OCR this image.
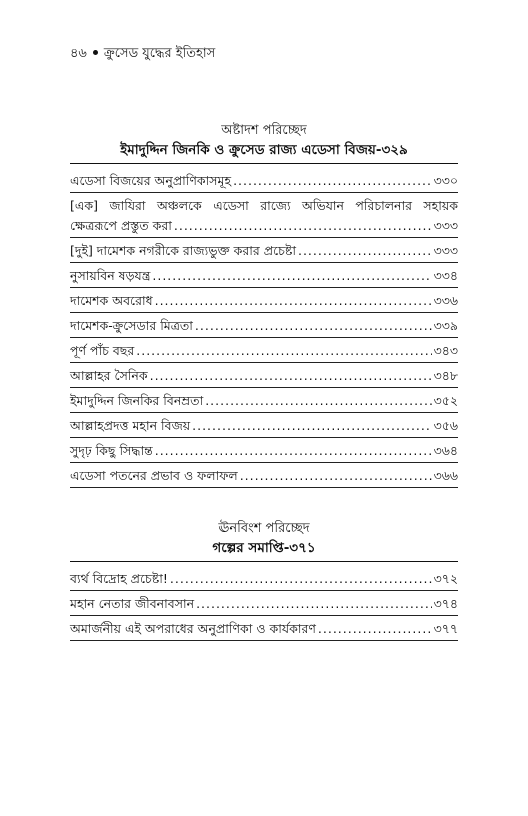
৪৬ ক্রুসেড যুদ্ধের ইতিহাস
অষ্টাদশ পরিচ্ছেদ
ইমাদুদ্দিন জিনকি ও ক্রুসেড রাজ্য এডেসা বিজয়-৩২৯
এডেসা বিজয়ের অনুপ্রাণিকাসমূহ .....	৩৩০
[এক] জাযিরা অঞ্চলকে এডেসা রাজ্যে অভিযান পরিচালনার সহায়ক
ক্ষেত্ররূপে প্রস্তুত করা .....	৩৩৩
[দুই] দামেশক নগরীকে রাজ্যভুক্ত করার প্রচেষ্টা .....	৩৩৩
নুসায়বিন ষড়যন্ত্র .....	৩৩৪
দামেশক অবরোধ .....	৩৩৬
দামেশক-ক্রুসেডার মিত্রতা .....	৩৩৯
পূর্ণ পাঁচ বছর .....	৩৪৩
আল্লাহর সৈনিক .....	৩৪৮
ইমাদুদ্দিন জিনকির বিনম্রতা .....	৩৫২
আল্লাহপ্রদত্ত মহান বিজয় .....	৩৫৬
সুদৃঢ় কিছু সিদ্ধান্ত .....	৩৬৪
এডেসা পতনের প্রভাব ও ফলাফল .....	৩৬৬
ঊনবিংশ পরিচ্ছেদ
গল্পের সমাপ্তি-৩৭১
ব্যর্থ বিদ্রোহ প্রচেষ্টা! .....	৩৭২
মহান নেতার জীবনাবসান .....	৩৭৪
অমার্জনীয় এই অপরাধের অনুপ্রাণিকা ও কার্যকারণ .....	৩৭৭
